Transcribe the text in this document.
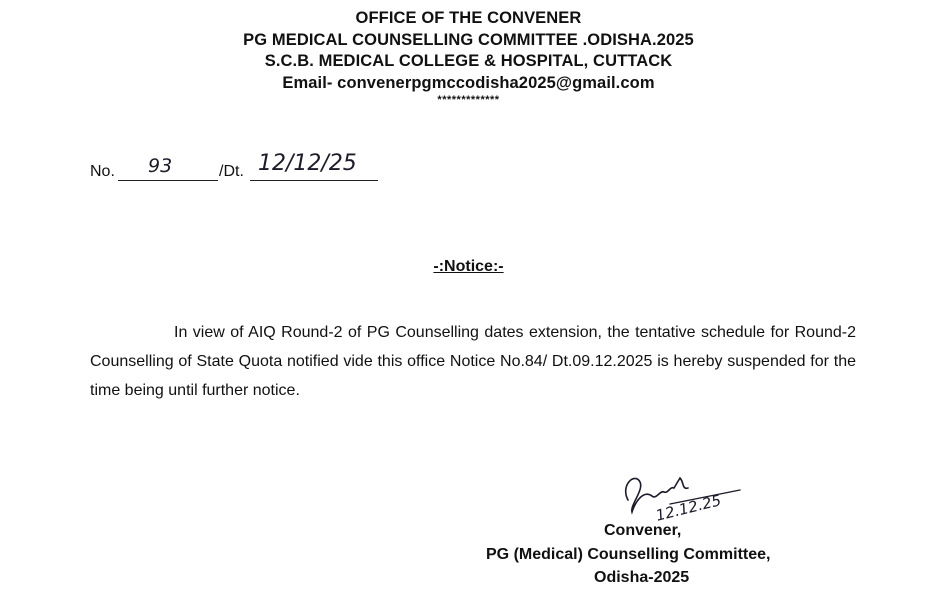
OFFICE OF THE CONVENER
PG MEDICAL COUNSELLING COMMITTEE .ODISHA.2025
S.C.B. MEDICAL COLLEGE & HOSPITAL, CUTTACK
Email- convenerpgmccodisha2025@gmail.com
*************
No. 93	/Dt. 12/12/25
-:Notice:-
In view of AIQ Round-2 of PG Counselling dates extension, the tentative schedule for Round-2 Counselling of State Quota notified vide this office Notice No.84/ Dt.09.12.2025 is hereby suspended for the time being until further notice.
12.12.25
Convener,
PG (Medical) Counselling Committee,
Odisha-2025
